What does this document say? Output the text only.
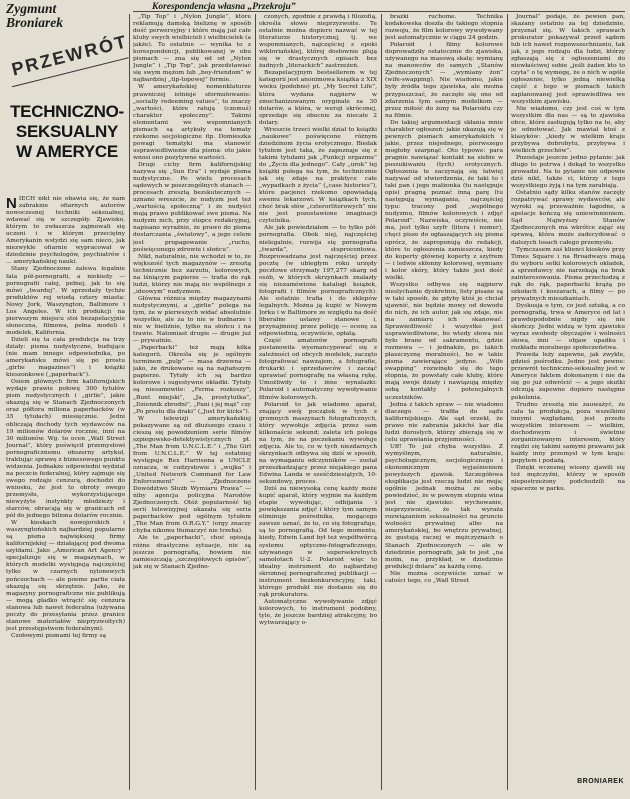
Zygmunt
Broniarek
PRZEWRÓT
Korespondencja własna „Przekroju”
TECHNICZNO-
SEKSUALNY
W AMERYCE

NIECH nikt nie obawia się, że nam zabraknie ofiarnych autorów nowoczesnej techniki seksualnej, wdawać się w szczegóły. Zjawisko, którym to zwłaszcza zajmowali się uczeni i w którym przeciętny Amerykanin wstydzi się sam nieco, jak niezwykle ofiarnie wypracował w dziedzinie psychologów, psychiatrów i ... amerykańskiej nauki.

Stany Zjednoczone zalewa legalnie fala pół-pornografii, a niekiedy — pornografii całej, pełnej, jak to się mówi „twardej”. W sprzedaży tychże produktów rej wiodą cztery miasta: Nowy Jork, Waszyngton, Baltimore i Los Angeles. W ich produkcji na pierwszym miejscu stoi bezapelacyjnie słoneczna, filmowa, pełna modeli i modelek, Kalifornia.

Dzieli się ta cała produkcja na trzy działy: pisma nudystyczne, budujące (nie mam innego odpowiednika, po amerykańsku mówi się po prostu „girlie magazines”) i książki kieszonkowe („paperback”).

Osiem głównych firm kalifornijskich wydaje prawie połowę 300 tytułów pism nudystycznych i „girlie”, jakie ukazują się w Stanach Zjednoczonych oraz półtora miliona paperbacków (w 35 tytułach) miesięcznie. Jedni obliczają dochody tych wydawców na 19 milionów dolarów rocznie, inni na 30 milionów. Wg. to ocen „Wall Street Journal”, który poświęcił przemysłowi pornograficznemu obszerny artykuł, traktując sprawę z biznesowego punktu widzenia. Jednakże odpowiedni wydział na poczcie federalnej, który zajmuje się swego rodzaju cenzurą, dochodzi do wniosku, że jest to obroty owego przemysłu, wykorzystującego niewyżyte instynkty młodzieży i starców, obracają się w granicach od pół do jednego biliona dolarów rocznie.

W kioskach nowojorskich i waszyngtońskich najbardziej popularne są pisma największej firmy kalifornijskiej — działającej pod dwoma szyldami. Jako „American Art Agency” specjalizuje się w magazynach, w których modelki występują najczęściej tylko w czarnych nylonowych pończochach — ale poeme partie ciała ukazują się skrzętnie. Jako, że magazyny pornograficzne nie publikują — mogą gładko wtrącić się cenzura stanowa lub nawet federalna (używana poczty do przesyłania przez granice stanowe materiałów niepryzwoitych) jest przestępstwem federalnym).

Czołowymi pismami tej firmy są

„Tip Top” i „Nylon Jungle”, które reklamują damską bieliznę w sposób dość perwersyjny i które mają już całe kluby swych wielbicieli i wielbicielek (a jakże). To ostatnie — wynika to z korespondencji, publikowanej w obu pismach — zna się od od „Nylon Jungle” i „Tip Top”, jak przedstawiać się swym mężom lub „boy-friendom” w najbardziej „tip-topowej” formie.

W amerykańskiej nomenklaturze prawniczej istnieje sformułowanie: „socially redeeming values”, to znaczy „wartości, które ratują (czemuś) charakter społeczny”. Takimi elementami we wspomnianych pismach są artykuły na tematy rzekomo socjologiczne itp. Domieszka powagi tematyki ma stanowić usprawiedliwienie dla pisma: oto jakie wnosi ono pozytywne wartości.

Drugi cichy firm kalifornijskiej nazywa się „Sun Era” i wydaje pisma nudystyczne. Po wielu procesach sądowych w poszczególnych stanach — procesach zresztą bezskutecznych — uznano wreszcie, że nudyzm jest też „wartością społeczną” i że nudyści mają prawo publikować swe pisma. Na nudyzm nich, przy stopce redakcyjnej, napisano wyraźnie, że prawo do pisma dostarczania „światowy”, a jego celem jest propagowanie „ruchu, poświęconego zdrowiu i słońcu”.

Nikt, naturalnie, nie wchodzi w to, że większość tych magazynów — zresztą technicznie bez zarzutu, kolorowych, na lśniącym papierze — trafia do rąk ludzi, którzy nie mają nic wspólnego z „ideowym” nudyzmem.

Główna różnica między magazynami nudystycznymi, a „girlie” polega na tym, że w pierwszych widać absolutnie wszystko, ale za to nie w budnarze i nie w bieliźnie, tylko na słońcu i na trawie. Natomiast drugie — drugie już — prywatnie.

„Paperbacki” też mają kilka kategorii. Określa się je ogólnym terminem „pulp” — masa drzewna — jako, że drukowane są na najtańszym papierze. Tytuły ich są bardzo kolorowe i sugestywne okładki. Tytuły są niesamowite: „Ferma rozkoszy”, „Bunt miejski”, „Ja, prostytutka”, „Dziennik zbrodni”, „Pani i jej mąż” czy „Po prostu dla draki” („Just for kicks”).

W telewizji amerykańskiej pokazywane są od dłuższego czasu i cieszą się powodzeniem serie filmów szpiegowsko-detektywistycznych pt. „The Man from U.N.C.L.E.” i „The Girl from U.N.C.L.E.” W tej ostatniej występuje Rex Harrisona a UNCLE oznacza, w cudzysłowie i „wujka” i „United Network Command for Law Enforcement” — „Zjednoczone Dowództwo Służb Wymiaru Prawa” — niby agencja policyjna Narodów Zjednoczonych. Otóż popularność tej serii telewizyjnej ukazała się seria paperbacków pod ogólnym tytułem „The Man from O.R.G.Y.” (orgy znaczy chyba nikomu tłumaczyć nie trzeba).

Ale te „paperbacki”, choć opisują różne drastyczne sytuacje, nie są jeszcze pornografią, bowiem nie zamieszczają „szczegółowych opisów”, jak się w Stanach Zjedno-

czonych, zgodnie z prawdą i filozofią, określa słowo nieprzyzwoite. Te ostatnie można dopiero nazwać w tej literaturze historycznej, tj. we wspomnianych, najczęściej z epoki wiktoriańskiej, której dosłownie plują się w drastycznych opisach bez żadnych „literackich” zastrzeżeń.

Bezapelacyjnym bestsellerem w tej kategorii jest anonimowa książka z XIX wieku (podobno) pt. „My Secret Life”, która wydana najpierw w zmechanizowanym oryginale za 30 dolarów, a która, w wersji skróconej, sprzedaje się obecnie za niecałe 2 dolary.

Wreszcie trzeci wielki dział to książki „naukowe” poświęcone różnym dziedzinom życia erotycznego. Biedak tytułem jest taka, że zapoznaje się z takimi tytułami jak „Funkcji orgazmu” do „Życiu dla jednego”. Cały „urok” tej książki polega na tym, że technicznie jak się zdaje na praktyce całe „wypadkach z życia” („case histories”), które pacjenci rzekomo opowiadają swemu lekarzowi. W książkach tych, choć brak słów „czterorliterowych” nie nie jest pozostawione imaginacji czytelnika.

Ale jak powiedziałem — to tylko pół-pornografia. Obok niej, najczęściej nielegalnie, rozwija się pornografia „twarda”, stuprocentowa. Rozprowadzana jest najczęściej przez pocztę (w ubiegłym roku urzędy pocztowe otrzymały 197,277 skarg od osób, w których skrzynkach znalazły się niezamówione katalogi książek, fotografii i filmów pornograficznych). Ale ostatnio trafia i do sklepów legalnych. Można ją kupić w Nowym Jorku i w Baltimore ze względu na dość liberalne ustawy stanowe i, przynajmniej przez policję — ocenę za odpowiednią, oczywiście, opłatą.

Część amatorów pornografii postanowiła wyemancypować się z zależności od obcych modelek, zaczęto fotografować nawzajem, a fotografie, drukarki i sprzedawców i zacząć uprawiać pornografię na własną rękę. Umożliwiły to i inne wynalazki: Polaroid i automatyczny wywoływanie filmów kolorowych.

Polaroid to jak wiadomo aparat, znający swój początek w tych z gromnych maszynach fotograficznych, który wywołuje zdjęcia przez sam kilkonaście sekund; zaleta ich polega na tym, że na poczekaniu wywołuje zdjęcia. Ale to, co w tych niezdarnych skrzynkach odbywa się dziś w sposób, na wymaganiu odczynników — został przeszkadzający przez niejakiego pana Edwina Landa w sześćdziesiątych, 10-sekundowy, proces.

Dziś za niewysoką cenę każdy może kupić aparat, który wyjmie na każdym etapie wywołując, odbijania i powiększania zdjęć i który tym samym eliminuje pośrednika, mogącego zawsze uznać, że to, co się fotografuje, są to pornografią. Od tego momentu, kiedy, Edwin Land był też współtwórcą systemu optyczno-fotograficznego, używanego w supersekretnych samolotach U-2. Polaroid więc to idealny instrument do najbardziej skromnej pornograficznej publikacji — instrument bezkonkurencyjny, taki, którego produkt nie dostanie się do rąk prokuratora.

Automatyczne wywoływanie zdjęć kolorowych, to instrument podobny, tyle, że jeszcze bardziej atrakcyjny, bo wytwarzający o-

brazki ruchome. Technika kodakowska doszła do takiego stopnia rozwoju, że film kolorowy wywoływany jest automatycznie w ciągu 24 godzin.

Polaroid i filmy kolorowe doprowadziły ostatecznie do zjawiska, używanego na masową skalę: wymianę na manowców do samych „Stanów Zjednoczonych” — „wymiany żon” (wife-swapping). Nie wiadomo, jakie były źródła tego zjawiska, ale można przypuszczać, że zaczęło się ono od zdarzenia tym samym modelkom — przez miłość do żony na Polaroidu czy na filmie.

Do takiej argumentacji skłania mnie charakter ogłoszeń: jakie ukazują się w pewnych pismach amerykańskich i jakie, przez niejednego, pierwszego mogłoby szarpnąć. Oto typowe: para pragnie nawiązać kontakt na siebie w poszukiwaniu (tych) erotycznych. Ogłoszenia te zaczynają się łatwiej nazywać od stwierdzenia, że taki to i taki pan i jego małżonka (tu następuje opis) pragną poznać inną parę (tu następują wymagania, najczęściej typu: tracony pod „wspólnego nudyzmu, filmów kolorowych i zdjęć Polaroid”. Nazwiska, oczywiście, nie ma, jest tylko szyfr (litera i numer), chęci pisze do ogłaszających się pisma oprócz, że zaproponują do redakcji, które to ogłoszenia zamieszcza, kiedy do koperty głównej koperty z szyfrem — i ledwie skłonny kolorowej, wymiany i kolor skóry, który także jest dość wielki.

Wszystko odbywa się najpierw nieslychanie dyskretnie, listy pisane są w taki sposób, że gdyby któś je chciał ujawnić, nie będzie mowy od dowodu do nich, że ich autor, jak się zdaje, nie ma zamiaru ich skanować. Sprawiedliwość i wszystko jest usprawiedliwione, bo wtedy słowa nie było brane od sakramentu, gdzie rozmowa — i jednakże, po takich płaszczyznę moralności, bo w takie pisma zawierające jedyne. „Wife swapping” rozwinęło się do tego stopnia, że powstały całe kluby, które mają swoje działy i nawiązują między sobą kontakty i potencjalnych uczestników.

Jedna z takich spraw — nie wiadomo dlaczego — trafiła do sądu kalifornijskiego. Ale sąd orzekł, że prawo nie zabrania jakichś kar dla ludzi dorosłych, którzy zbierają się w celu uprawiania przyjemności.

Uff! To już chyba wszystko. Z wymyślnym, naturalnie, psychologicznym, socjologicznego i ekonomicznym wyjaśnieniem powyższych zjawisk. Szczegółowa eksplikacja jest rzeczą ludzi nie moja; ogólnie jednak można ze sobą powiedzieć, że w pewnym stopniu wina jest nie zjawisko: wychowanie, nieprzyzwoicie, że tak wyraża rozwiązaniem seksualności na gruncie wolności prywatnej albo na amerykańskiej, bo wnętrzu prywatnej, że gustują raczej w mężczyznach o Stanach Zjednoczonych — ale w dziedzinie pornografii, jak to jest „na moim, na przykład, w dziedzinie produkcji dolara” za każdą cenę.

Nie można oczywiście uznać w całości tego, co „Wall Street

Journal” podaje, że pewien pan, skazany ostatnio za tej dziedzinie, przyznał się. W takich sprawach prokurator pokazywał przed sądem lub ich nawet rozpowszechnianiu, tak jak, z jego rodzaju dla ludzi, którzy zgłaszają się z ogłoszeniami do niewłaściwej sobie „jeśli żaden kto to czyta” o tę wymogę, że o nich w ogóle ogłoszenie, tylko jedną niewielką część z tego w pismach takich zaplanowanej jest sprawiedliwa we wszystkim zjawisku.

Nie wiadomo, czy jest coś w tym wszystkim dla nas — są to zjawiska obce, które zasługują tylko na to, aby je odnotować. Jak mawiał ktoś z klasyków: „kiedy w wielkim kraju przybywa dobrobytu, przybywa i wielkich grzechów”.

Pozostaje jeszcze jedno pytanie: jak długo to potrwa i dokąd to wszystko prowadzi. Na to pytanie nie odpowie dziś nikt, także ci, którzy z tego wszystkiego żyją i na tym zarabiają.

Ostatnio sądy kilku stanów zaczęły rozpatrywać sprawy wydawców, ale wyroki są przeważnie łagodne, a apelacje kończą się uniewinnieniem. Sąd Najwyższy Stanów Zjednoczonych ma wkrótce zająć się sprawą, która może zadecydować o dalszych losach całego przemysłu.

Tymczasem zaś klienci kiosków przy Times Square i na Broadwayu mają do wyboru setki kolorowych okładek, a sprzedawcy nie narzekają na brak zainteresowania. Pisma przechodzą z rąk do rąk, paperbacki krążą po szkołach i koszarach, a filmy — po prywatnych mieszkaniach.

Dyskusja o tym, co jest sztuką, a co pornografią, trwa w Ameryce od lat i prawdopodobnie nigdy się nie skończy. Jedni widzą w tym zjawisku wyraz swobody obyczajów i wolności słowa, inni — objaw upadku i rozkładu moralnego społeczeństwa.

Prawda leży zapewne, jak zwykle, gdzieś pośrodku. Jedno jest pewne: przewrót techniczno-seksualny jest w Ameryce faktem dokonanym i nie da się go już odwrócić — a jego skutki odczują zapewne dopiero następne pokolenia.

Trudno zresztą nie zauważyć, że cała ta produkcja, poza wszelkimi innymi względami, jest przede wszystkim interesem — wielkim, dochodowym i świetnie zorganizowanym interesem, który rządzi się takimi samymi prawami jak każdy inny przemysł w tym kraju: popytem i podażą.

Dzięki wczesnej wiosny zjawili się też mężczyźni, którzy w sposób niepostrzeżony podchodzili na spacerze w parku.

BRONIAREK
